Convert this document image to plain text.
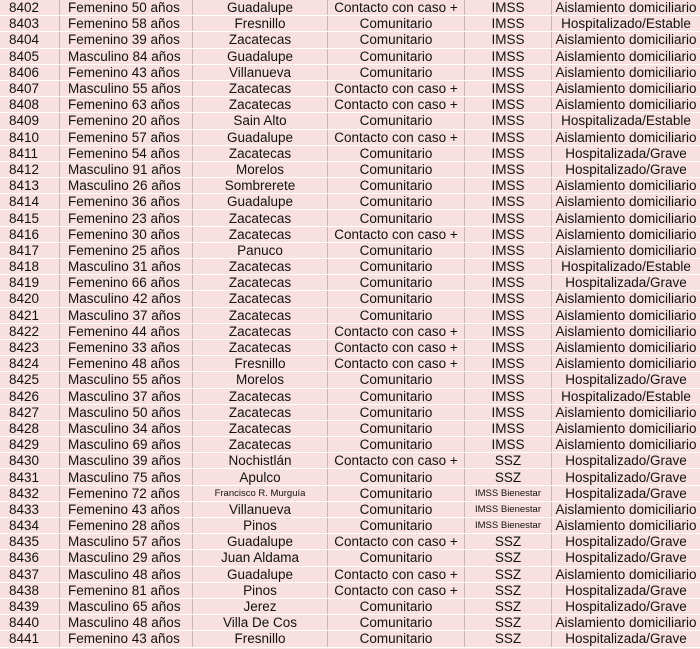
8402	Femenino 50 años	Guadalupe	Contacto con caso +	IMSS	Aislamiento domiciliario
8403	Femenino 58 años	Fresnillo	Comunitario	IMSS	Hospitalizado/Estable
8404	Femenino 39 años	Zacatecas	Comunitario	IMSS	Aislamiento domiciliario
8405	Masculino 84 años	Guadalupe	Comunitario	IMSS	Aislamiento domiciliario
8406	Femenino 43 años	Villanueva	Comunitario	IMSS	Aislamiento domiciliario
8407	Masculino 55 años	Zacatecas	Contacto con caso +	IMSS	Aislamiento domiciliario
8408	Femenino 63 años	Zacatecas	Contacto con caso +	IMSS	Aislamiento domiciliario
8409	Femenino 20 años	Sain Alto	Comunitario	IMSS	Hospitalizada/Estable
8410	Femenino 57 años	Guadalupe	Contacto con caso +	IMSS	Aislamiento domiciliario
8411	Femenino 54 años	Zacatecas	Comunitario	IMSS	Hospitalizada/Grave
8412	Masculino 91 años	Morelos	Comunitario	IMSS	Hospitalizado/Grave
8413	Masculino 26 años	Sombrerete	Comunitario	IMSS	Aislamiento domiciliario
8414	Femenino 36 años	Guadalupe	Comunitario	IMSS	Aislamiento domiciliario
8415	Femenino 23 años	Zacatecas	Comunitario	IMSS	Aislamiento domiciliario
8416	Femenino 30 años	Zacatecas	Contacto con caso +	IMSS	Aislamiento domiciliario
8417	Femenino 25 años	Panuco	Comunitario	IMSS	Aislamiento domiciliario
8418	Masculino 31 años	Zacatecas	Comunitario	IMSS	Hospitalizado/Estable
8419	Femenino 66 años	Zacatecas	Comunitario	IMSS	Hospitalizada/Grave
8420	Masculino 42 años	Zacatecas	Comunitario	IMSS	Aislamiento domiciliario
8421	Masculino 37 años	Zacatecas	Comunitario	IMSS	Aislamiento domiciliario
8422	Femenino 44 años	Zacatecas	Contacto con caso +	IMSS	Aislamiento domiciliario
8423	Femenino 33 años	Zacatecas	Contacto con caso +	IMSS	Aislamiento domiciliario
8424	Femenino 48 años	Fresnillo	Contacto con caso +	IMSS	Aislamiento domiciliario
8425	Masculino 55 años	Morelos	Comunitario	IMSS	Hospitalizado/Grave
8426	Masculino 37 años	Zacatecas	Comunitario	IMSS	Hospitalizado/Estable
8427	Masculino 50 años	Zacatecas	Comunitario	IMSS	Aislamiento domiciliario
8428	Masculino 34 años	Zacatecas	Comunitario	IMSS	Aislamiento domiciliario
8429	Masculino 69 años	Zacatecas	Comunitario	IMSS	Aislamiento domiciliario
8430	Masculino 39 años	Nochistlán	Contacto con caso +	SSZ	Hospitalizado/Grave
8431	Masculino 75 años	Apulco	Comunitario	SSZ	Hospitalizado/Grave
8432	Femenino 72 años	Francisco R. Murguía	Comunitario	IMSS Bienestar	Hospitalizada/Grave
8433	Femenino 43 años	Villanueva	Comunitario	IMSS Bienestar	Aislamiento domiciliario
8434	Femenino 28 años	Pinos	Comunitario	IMSS Bienestar	Aislamiento domiciliario
8435	Masculino 57 años	Guadalupe	Contacto con caso +	SSZ	Hospitalizado/Grave
8436	Masculino 29 años	Juan Aldama	Comunitario	SSZ	Hospitalizado/Grave
8437	Masculino 48 años	Guadalupe	Contacto con caso +	SSZ	Aislamiento domiciliario
8438	Femenino 81 años	Pinos	Contacto con caso +	SSZ	Hospitalizada/Grave
8439	Masculino 65 años	Jerez	Comunitario	SSZ	Hospitalizado/Grave
8440	Masculino 48 años	Villa De Cos	Comunitario	SSZ	Aislamiento domiciliario
8441	Femenino 43 años	Fresnillo	Comunitario	SSZ	Hospitalizada/Grave
